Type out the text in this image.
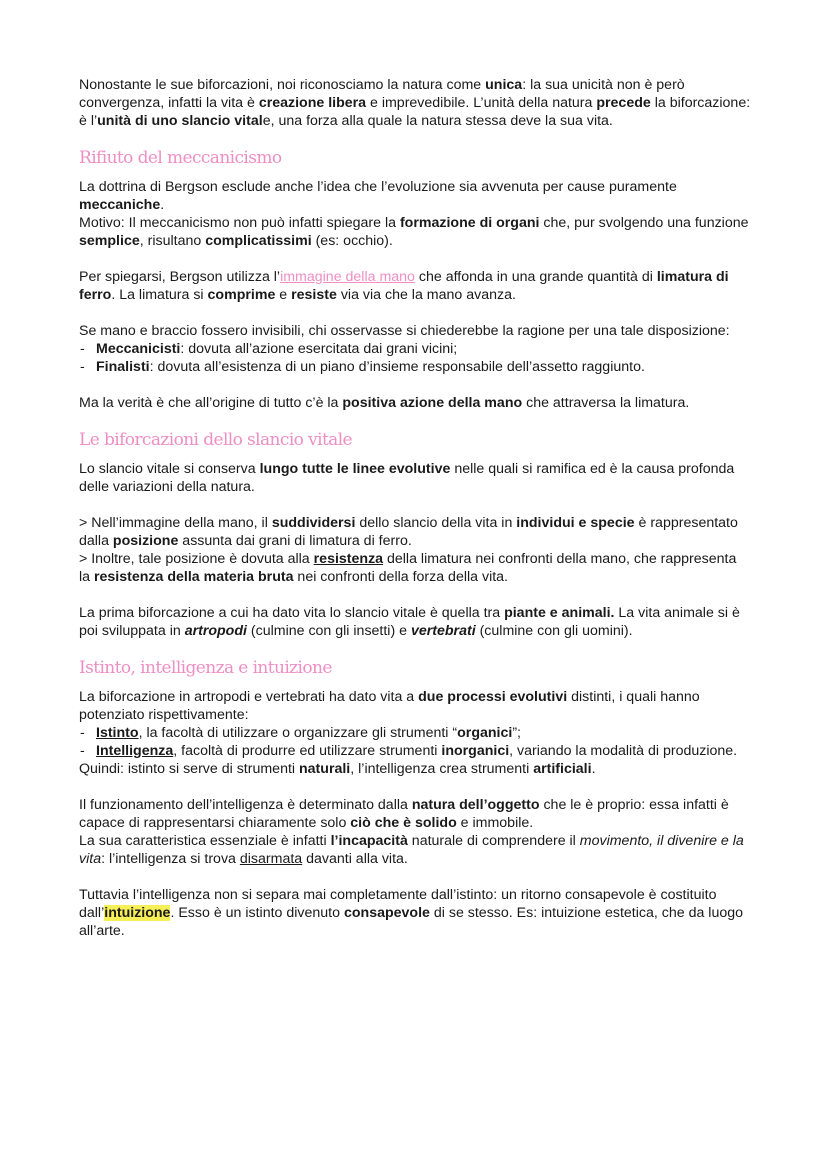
Nonostante le sue biforcazioni, noi riconosciamo la natura come unica: la sua unicità non è però convergenza, infatti la vita è creazione libera e imprevedibile. L’unità della natura precede la biforcazione: è l’unità di uno slancio vitale, una forza alla quale la natura stessa deve la sua vita.

Rifiuto del meccanicismo

La dottrina di Bergson esclude anche l’idea che l’evoluzione sia avvenuta per cause puramente meccaniche.

Motivo: Il meccanicismo non può infatti spiegare la formazione di organi che, pur svolgendo una funzione semplice, risultano complicatissimi (es: occhio).

Per spiegarsi, Bergson utilizza l’immagine della mano che affonda in una grande quantità di limatura di ferro. La limatura si comprime e resiste via via che la mano avanza.

Se mano e braccio fossero invisibili, chi osservasse si chiederebbe la ragione per una tale disposizione:

- Meccanicisti: dovuta all’azione esercitata dai grani vicini;
- Finalisti: dovuta all’esistenza di un piano d’insieme responsabile dell’assetto raggiunto.

Ma la verità è che all’origine di tutto c’è la positiva azione della mano che attraversa la limatura.

Le biforcazioni dello slancio vitale

Lo slancio vitale si conserva lungo tutte le linee evolutive nelle quali si ramifica ed è la causa profonda delle variazioni della natura.

> Nell’immagine della mano, il suddividersi dello slancio della vita in individui e specie è rappresentato dalla posizione assunta dai grani di limatura di ferro.

> Inoltre, tale posizione è dovuta alla resistenza della limatura nei confronti della mano, che rappresenta la resistenza della materia bruta nei confronti della forza della vita.

La prima biforcazione a cui ha dato vita lo slancio vitale è quella tra piante e animali. La vita animale si è poi sviluppata in artropodi (culmine con gli insetti) e vertebrati (culmine con gli uomini).

Istinto, intelligenza e intuizione

La biforcazione in artropodi e vertebrati ha dato vita a due processi evolutivi distinti, i quali hanno potenziato rispettivamente:

- Istinto, la facoltà di utilizzare o organizzare gli strumenti “organici”;
- Intelligenza, facoltà di produrre ed utilizzare strumenti inorganici, variando la modalità di produzione.

Quindi: istinto si serve di strumenti naturali, l’intelligenza crea strumenti artificiali.

Il funzionamento dell’intelligenza è determinato dalla natura dell’oggetto che le è proprio: essa infatti è capace di rappresentarsi chiaramente solo ciò che è solido e immobile.

La sua caratteristica essenziale è infatti l’incapacità naturale di comprendere il movimento, il divenire e la vita: l’intelligenza si trova disarmata davanti alla vita.

Tuttavia l’intelligenza non si separa mai completamente dall’istinto: un ritorno consapevole è costituito dall’intuizione. Esso è un istinto divenuto consapevole di se stesso. Es: intuizione estetica, che da luogo all’arte.
